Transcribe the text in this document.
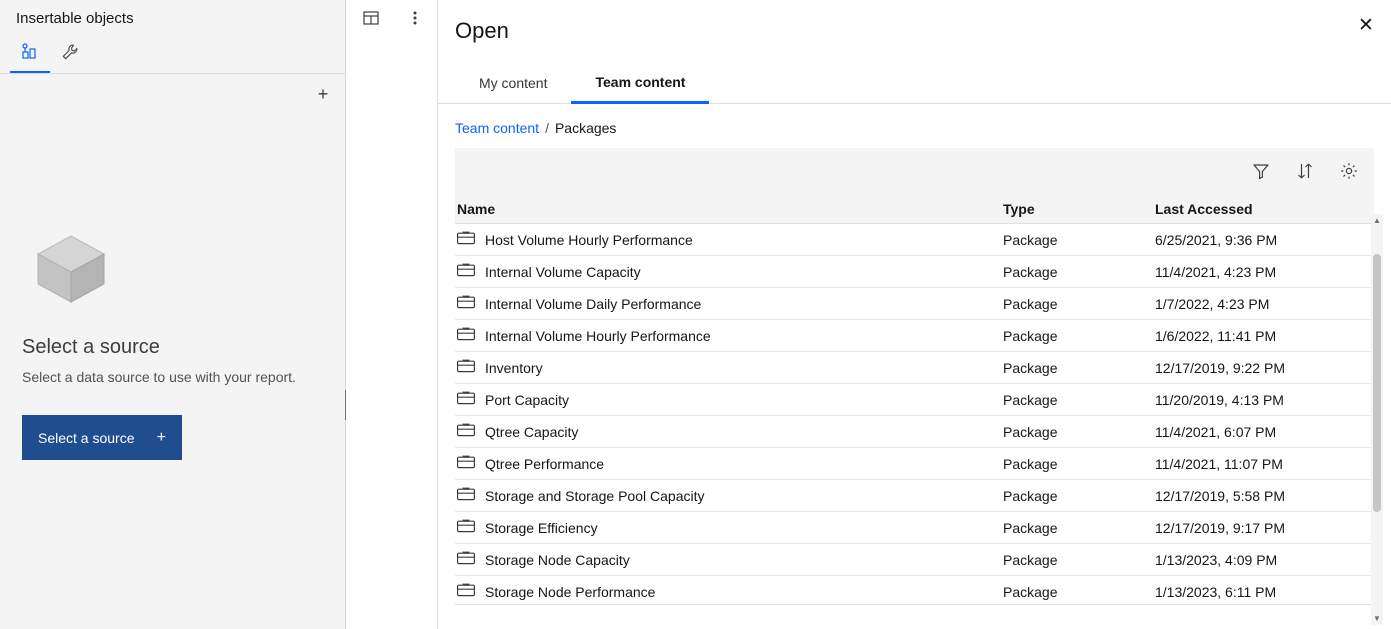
Insertable objects
+
Select a source
Select a data source to use with your report.
Select a source +
Open	✕
My content	Team content
Team content / Packages
Name	Type	Last Accessed
Host Volume Hourly Performance	Package	6/25/2021, 9:36 PM
Internal Volume Capacity	Package	11/4/2021, 4:23 PM
Internal Volume Daily Performance	Package	1/7/2022, 4:23 PM
Internal Volume Hourly Performance	Package	1/6/2022, 11:41 PM
Inventory	Package	12/17/2019, 9:22 PM
Port Capacity	Package	11/20/2019, 4:13 PM
Qtree Capacity	Package	11/4/2021, 6:07 PM
Qtree Performance	Package	11/4/2021, 11:07 PM
Storage and Storage Pool Capacity	Package	12/17/2019, 5:58 PM
Storage Efficiency	Package	12/17/2019, 9:17 PM
Storage Node Capacity	Package	1/13/2023, 4:09 PM
Storage Node Performance	Package	1/13/2023, 6:11 PM
▲
▼
